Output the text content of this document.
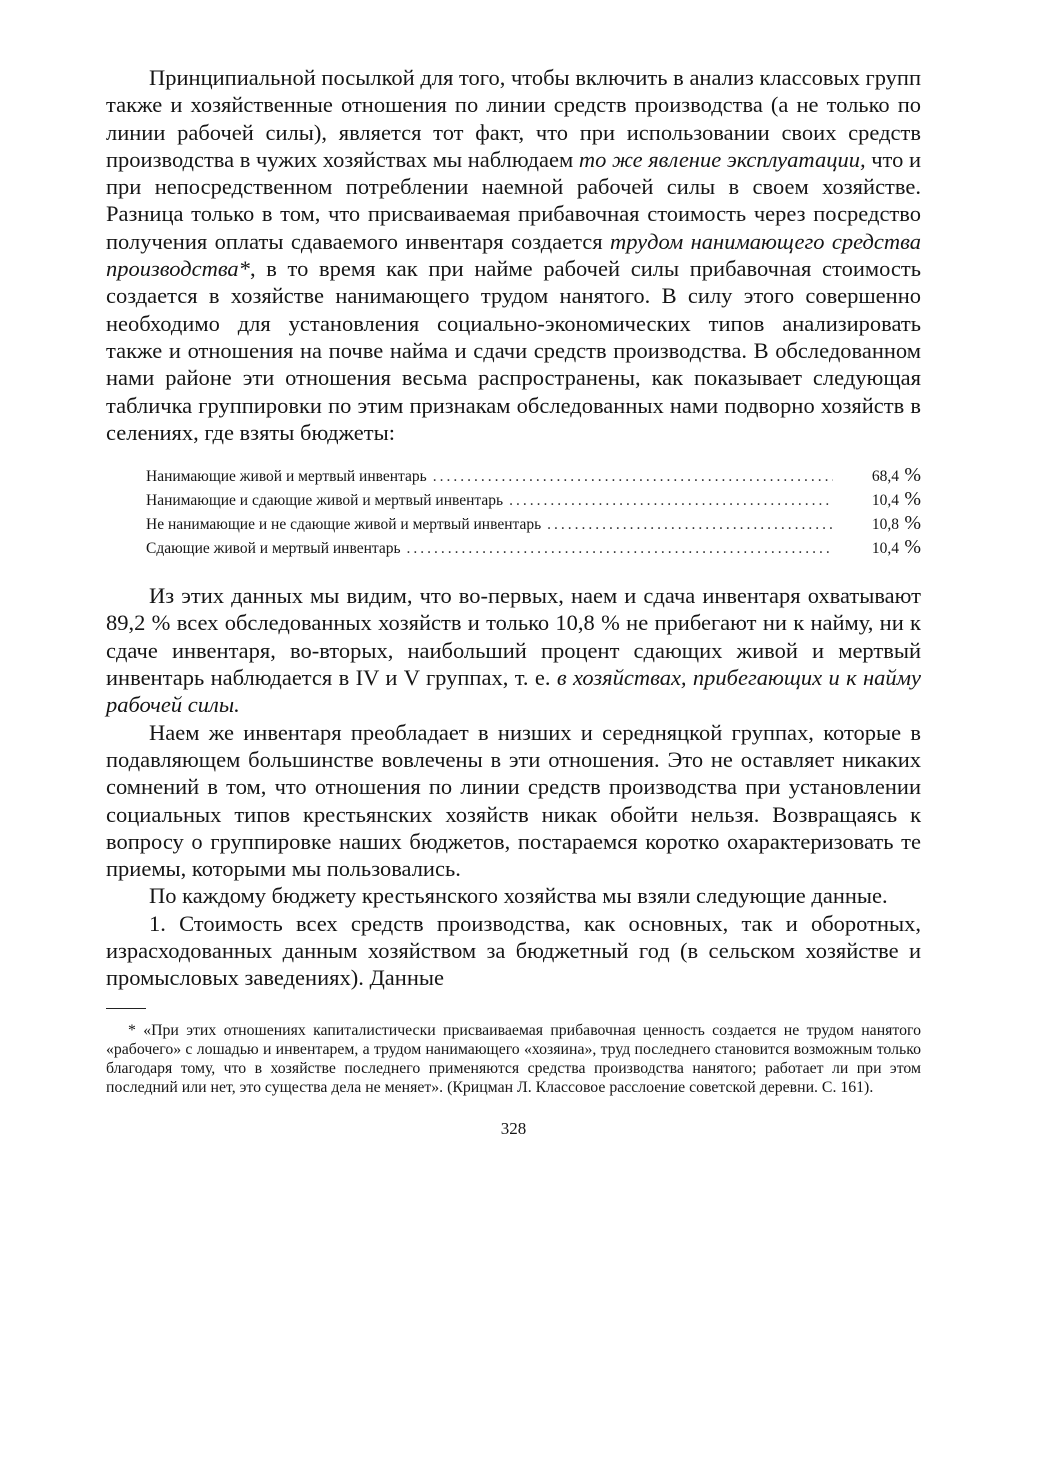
Принципиальной посылкой для того, чтобы включить в анализ классовых групп также и хозяйственные отношения по линии средств производства (а не только по линии рабочей силы), является тот факт, что при использовании своих средств производства в чужих хозяйствах мы наблюдаем то же явление эксплуатации, что и при непосредственном потреблении наемной рабочей силы в своем хозяйстве. Разница только в том, что присваиваемая прибавочная стоимость через посредство получения оплаты сдаваемого инвентаря создается трудом нанимающего средства производства*, в то время как при найме рабочей силы прибавочная стоимость создается в хозяйстве нанимающего трудом нанятого. В силу этого совершенно необходимо для установления социально-экономических типов анализировать также и отношения на почве найма и сдачи средств производства. В обследованном нами районе эти отношения весьма распространены, как показывает следующая табличка группировки по этим признакам обследованных нами подворно хозяйств в селениях, где взяты бюджеты:

Нанимающие живой и мертвый инвентарь .....	68,4 %
Нанимающие и сдающие живой и мертвый инвентарь .....	10,4 %
Не нанимающие и не сдающие живой и мертвый инвентарь .....	10,8 %
Сдающие живой и мертвый инвентарь .....	10,4 %

Из этих данных мы видим, что во-первых, наем и сдача инвентаря охватывают 89,2 % всех обследованных хозяйств и только 10,8 % не прибегают ни к найму, ни к сдаче инвентаря, во-вторых, наибольший процент сдающих живой и мертвый инвентарь наблюдается в IV и V группах, т. е. в хозяйствах, прибегающих и к найму рабочей силы.

Наем же инвентаря преобладает в низших и середняцкой группах, которые в подавляющем большинстве вовлечены в эти отношения. Это не оставляет никаких сомнений в том, что отношения по линии средств производства при установлении социальных типов крестьянских хозяйств никак обойти нельзя. Возвращаясь к вопросу о группировке наших бюджетов, постараемся коротко охарактеризовать те приемы, которыми мы пользовались.

По каждому бюджету крестьянского хозяйства мы взяли следующие данные.

1. Стоимость всех средств производства, как основных, так и оборотных, израсходованных данным хозяйством за бюджетный год (в сельском хозяйстве и промысловых заведениях). Данные

* «При этих отношениях капиталистически присваиваемая прибавочная ценность создается не трудом нанятого «рабочего» с лошадью и инвентарем, а трудом нанимающего «хозяина», труд последнего становится возможным только благодаря тому, что в хозяйстве последнего применяются средства производства нанятого; работает ли при этом последний или нет, это существа дела не меняет». (Крицман Л. Классовое расслоение советской деревни. С. 161).

328
